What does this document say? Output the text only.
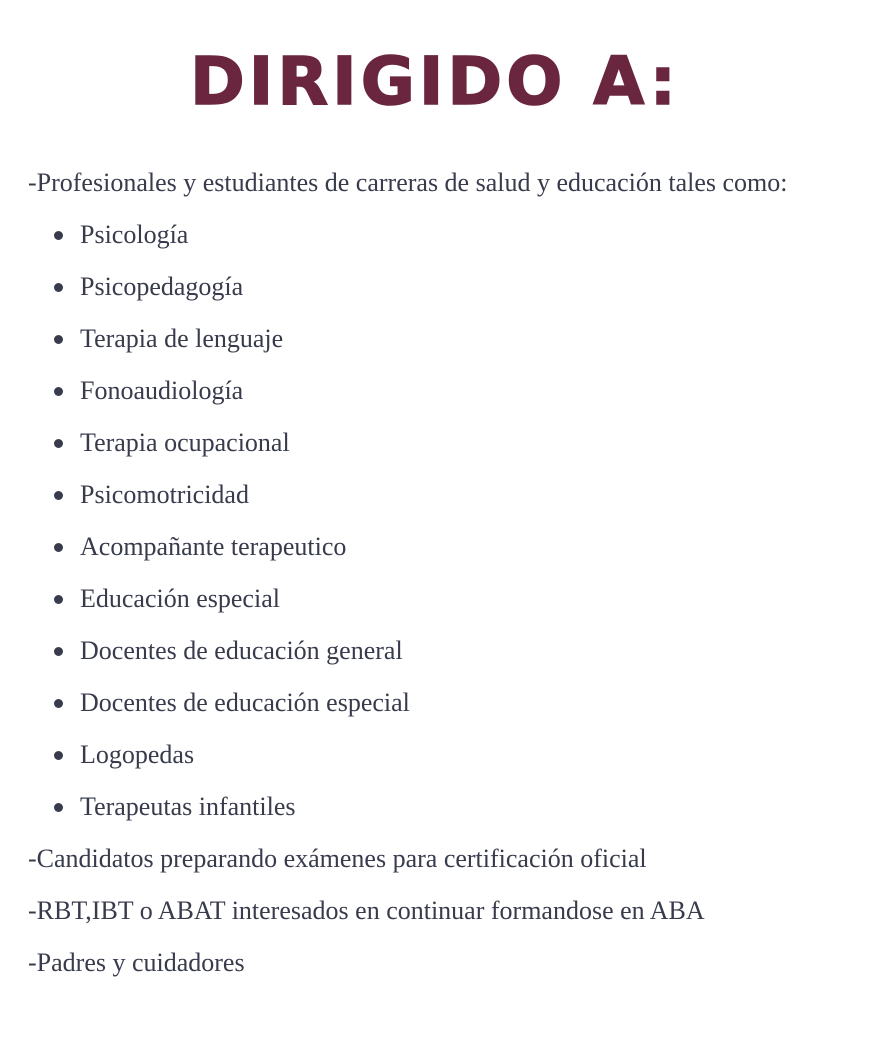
DIRIGIDO A:

-Profesionales y estudiantes de carreras de salud y educación tales como:

Psicología
Psicopedagogía
Terapia de lenguaje
Fonoaudiología
Terapia ocupacional
Psicomotricidad
Acompañante terapeutico
Educación especial
Docentes de educación general
Docentes de educación especial
Logopedas
Terapeutas infantiles

-Candidatos preparando exámenes para certificación oficial

-RBT,IBT o ABAT interesados en continuar formandose en ABA

-Padres y cuidadores
